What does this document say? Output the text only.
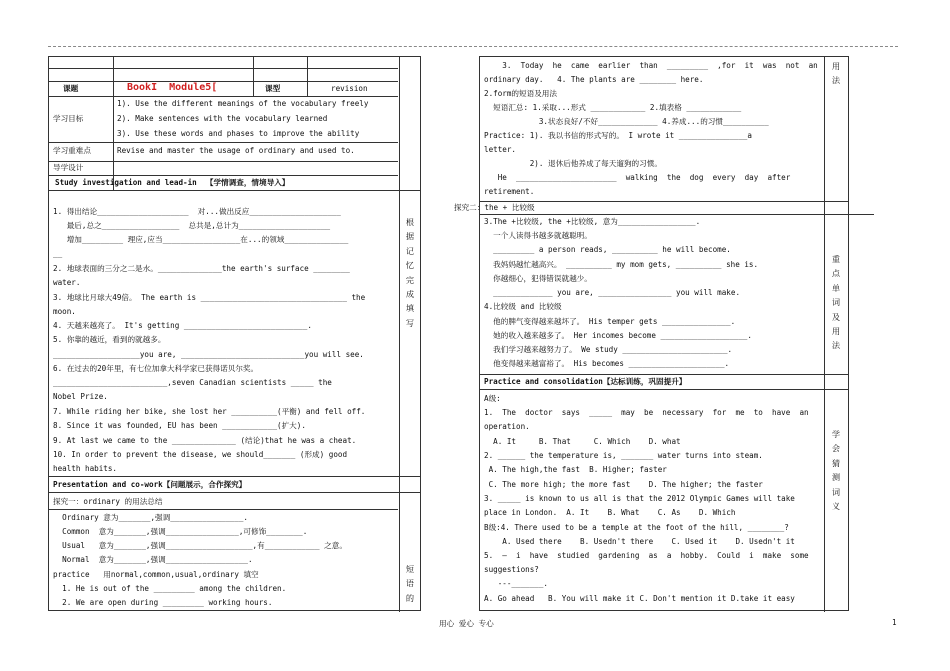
课题	BookI  Module5[	课型	revision
学习目标
1). Use the different meanings of the vocabulary freely
2). Make sentences with the vocabulary learned
3). Use these words and phases to improve the ability
学习重难点	Revise and master the usage of ordinary and used to.
导学设计
Study investigation and lead-in  【学情调查，情境导入】
1. 得出结论____________________  对...做出反应____________________
最后,总之_________________  总共是,总计为____________________
增加_________ 理应,应当_________________在...的领域______________
__
2. 地球表面的三分之二是水。______________the earth's surface ________
water.
3. 地球比月球大49倍。 The earth is ________________________________ the
moon.
4. 天越来越亮了。 It's getting ___________________________.
5. 你靠的越近，看到的就越多。
___________________you are, ___________________________you will see.
6. 在过去的20年里，有七位加拿大科学家已获得诺贝尔奖。
_________________________,seven Canadian scientists _____ the
Nobel Prize.
7. While riding her bike, she lost her __________(平衡) and fell off.
8. Since it was founded, EU has been ____________(扩大).
9. At last we came to the ______________ (结论)that he was a cheat.
10. In order to prevent the disease, we should_______ (形成) good
health habits.
根据记忆完成填写
Presentation and co-work【问题展示，合作探究】
探究一：ordinary 的用法总结
Ordinary 意为_______,强调________________.
Common  意为_______,强调________________,可修饰________.
Usual   意为_______,强调___________________,有____________ 之意。
Normal  意为_______,强调__________________.
practice   用normal,common,usual,ordinary 填空
1. He is out of the _________ among the children.
2. We are open during _________ working hours.
短语的
3.  Today  he  came  earlier  than  _________  ,for  it  was  not  an
ordinary day.   4. The plants are ________ here.
2.form的短语及用法
短语汇总: 1.采取...形式 ____________ 2.填表格 ____________
3.状态良好/不好_____________ 4.养成...的习惯__________
Practice: 1). 我以书信的形式写的。 I wrote it _______________a
letter.
2). 退休后他养成了每天遛狗的习惯。
He  ______________________  walking  the  dog  every  day  after
retirement.
用法
探究二：the + 比较级
3.The +比较级, the +比较级, 意为_________________.
一个人读得书越多就越聪明。
_________ a person reads, __________ he will become.
我妈妈越忙越高兴。 __________ my mom gets, __________ she is.
你越细心，犯得错误就越少。
_____________ you are, ________________ you will make.
4.比较级 and 比较级
他的脾气变得越来越坏了。 His temper gets _______________.
她的收入越来越多了。 Her incomes become ___________________.
我们学习越来越努力了。 We study _______________________.
他变得越来越富裕了。 His becomes _____________________.
重点单词及用法
Practice and consolidation【达标训练，巩固提升】
A级:
1.  The  doctor  says  _____  may  be  necessary  for  me  to  have  an
operation.
A. It     B. That     C. Which    D. what
2. ______ the temperature is, _______ water turns into steam.
A. The high,the fast  B. Higher; faster
C. The more high; the more fast    D. The higher; the faster
3. _____ is known to us all is that the 2012 Olympic Games will take
place in London.  A. It    B. What    C. As    D. Which
B级:4. There used to be a temple at the foot of the hill, ________?
A. Used there    B. Usedn't there    C. Used it    D. Usedn't it
5.  —  i  have  studied  gardening  as  a  hobby.  Could  i  make  some
suggestions?
---_______.
A. Go ahead   B. You will make it C. Don't mention it D.take it easy
学会猜测词义
用心 爱心 专心	1
